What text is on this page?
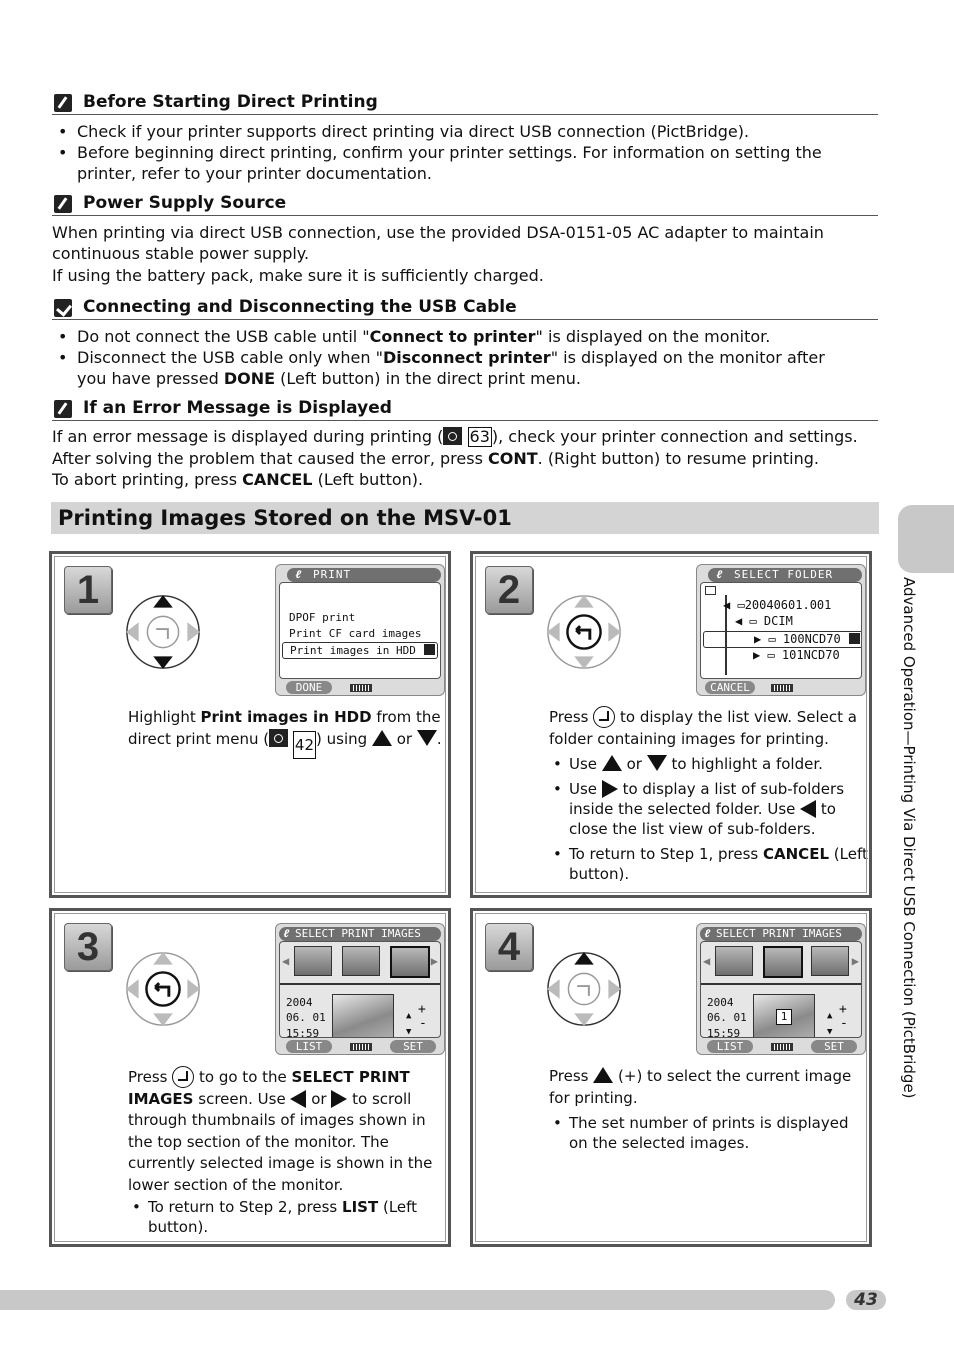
Before Starting Direct Printing
• Check if your printer supports direct printing via direct USB connection (PictBridge).
• Before beginning direct printing, confirm your printer settings. For information on setting the printer, refer to your printer documentation.
Power Supply Source
When printing via direct USB connection, use the provided DSA-0151-05 AC adapter to maintain continuous stable power supply.
If using the battery pack, make sure it is sufficiently charged.
Connecting and Disconnecting the USB Cable
• Do not connect the USB cable until "Connect to printer" is displayed on the monitor.
• Disconnect the USB cable only when "Disconnect printer" is displayed on the monitor after you have pressed DONE (Left button) in the direct print menu.
If an Error Message is Displayed
If an error message is displayed during printing ( 63 ), check your printer connection and settings.
After solving the problem that caused the error, press CONT. (Right button) to resume printing.
To abort printing, press CANCEL (Left button).
Printing Images Stored on the MSV-01
1	ℓ	PRINT
DPOF print
Print CF card images
Print images in HDD
DONE
Highlight Print images in HDD from the direct print menu ( 42 ) using  or .
2	ℓ	SELECT FOLDER
◀ ▭20040601.001
◀ ▭ DCIM
▶ ▭ 100NCD70
▶ ▭ 101NCD70
CANCEL
Press  to display the list view. Select a folder containing images for printing.
• Use  or  to highlight a folder.
• Use  to display a list of sub-folders inside the selected folder. Use  to close the list view of sub-folders.
• To return to Step 1, press CANCEL (Left button).
3	ℓ SELECT PRINT IMAGES
◀	▶
2004
06. 01
15:59
+
▲
▼
-
LIST	SET
Press  to go to the SELECT PRINT IMAGES screen. Use  or  to scroll through thumbnails of images shown in the top section of the monitor. The currently selected image is shown in the lower section of the monitor.
• To return to Step 2, press LIST (Left button).
4	ℓ SELECT PRINT IMAGES
◀	▶
2004
06. 01
15:59
1	+
▲
▼
-
LIST	SET
Press  (+) to select the current image for printing.
• The set number of prints is displayed on the selected images.
Advanced Operation—Printing Via Direct USB Connection (PictBridge)
43
